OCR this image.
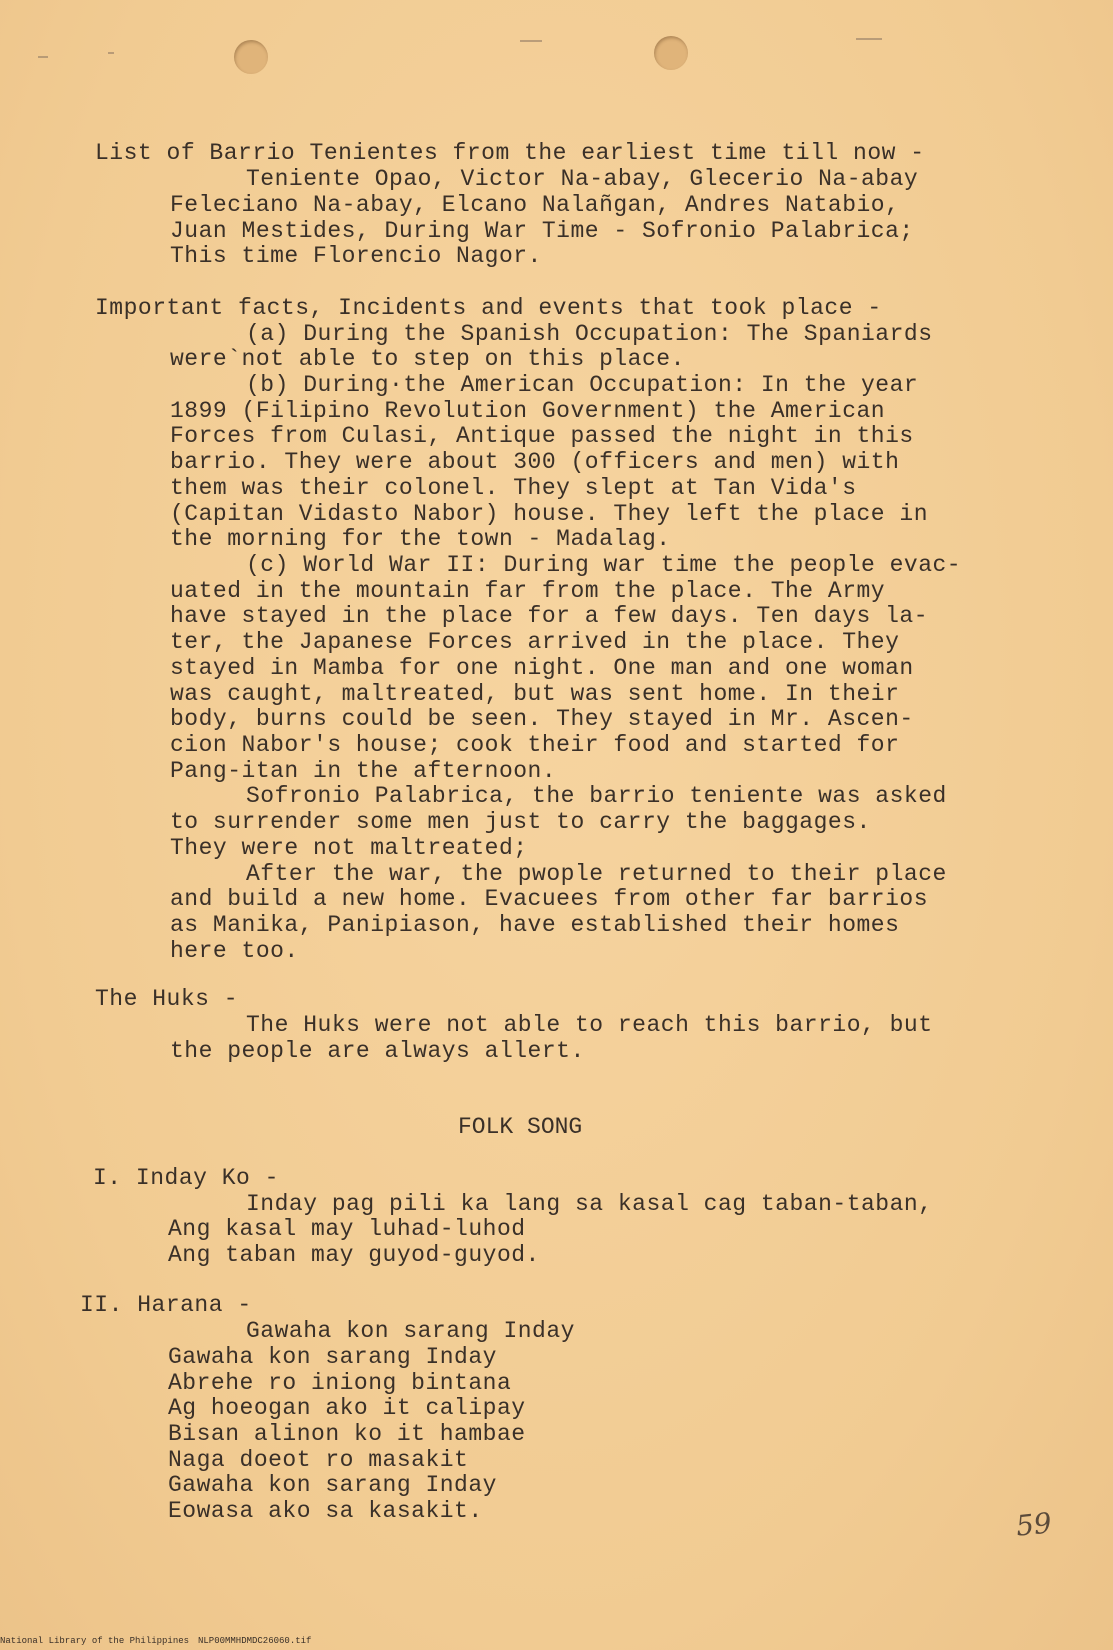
List of Barrio Tenientes from the earliest time till now -
Teniente Opao, Victor Na-abay, Glecerio Na-abay
Feleciano Na-abay, Elcano Nalañgan, Andres Natabio,
Juan Mestides, During War Time - Sofronio Palabrica;
This time Florencio Nagor.
Important facts, Incidents and events that took place -
(a) During the Spanish Occupation: The Spaniards
were`not able to step on this place.
(b) During·the American Occupation: In the year
1899 (Filipino Revolution Government) the American
Forces from Culasi, Antique passed the night in this
barrio. They were about 300 (officers and men) with
them was their colonel. They slept at Tan Vida's
(Capitan Vidasto Nabor) house. They left the place in
the morning for the town - Madalag.
(c) World War II: During war time the people evac-
uated in the mountain far from the place. The Army
have stayed in the place for a few days. Ten days la-
ter, the Japanese Forces arrived in the place. They
stayed in Mamba for one night. One man and one woman
was caught, maltreated, but was sent home. In their
body, burns could be seen. They stayed in Mr. Ascen-
cion Nabor's house; cook their food and started for
Pang-itan in the afternoon.
Sofronio Palabrica, the barrio teniente was asked
to surrender some men just to carry the baggages.
They were not maltreated;
After the war, the pwople returned to their place
and build a new home. Evacuees from other far barrios
as Manika, Panipiason, have established their homes
here too.
The Huks -
The Huks were not able to reach this barrio, but
the people are always allert.
FOLK SONG
I. Inday Ko -
Inday pag pili ka lang sa kasal cag taban-taban,
Ang kasal may luhad-luhod
Ang taban may guyod-guyod.
II. Harana -
Gawaha kon sarang Inday
Gawaha kon sarang Inday
Abrehe ro iniong bintana
Ag hoeogan ako it calipay
Bisan alinon ko it hambae
Naga doeot ro masakit
Gawaha kon sarang Inday
Eowasa ako sa kasakit.	59
National Library of the Philippines NLP00MMHDMDC26060.tif
